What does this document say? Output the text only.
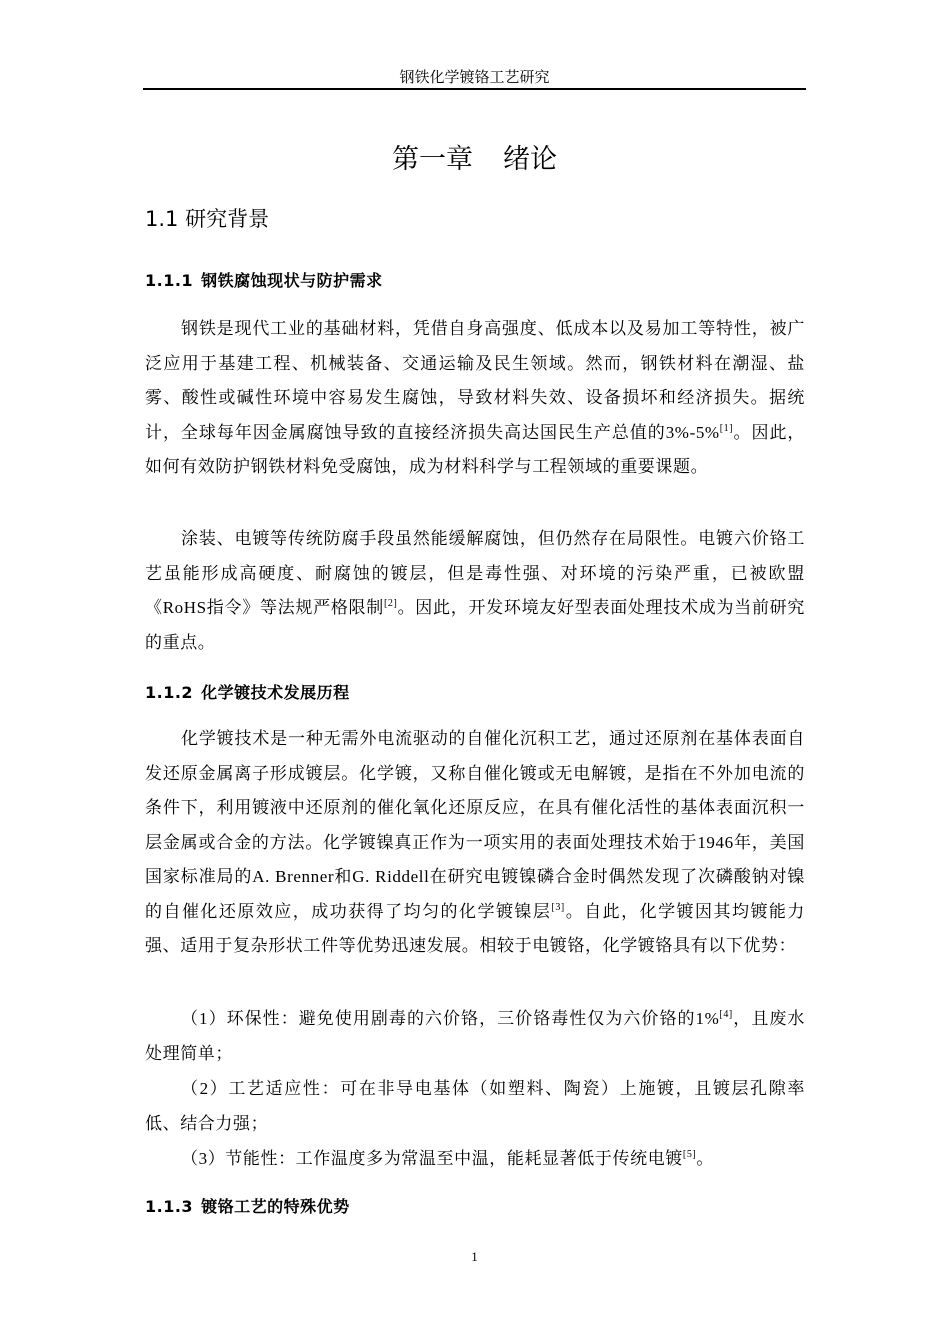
钢铁化学镀铬工艺研究
第一章 绪论
1.1 研究背景
1.1.1 钢铁腐蚀现状与防护需求

钢铁是现代工业的基础材料，凭借自身高强度、低成本以及易加工等特性，被广泛应用于基建工程、机械装备、交通运输及民生领域。然而，钢铁材料在潮湿、盐雾、酸性或碱性环境中容易发生腐蚀，导致材料失效、设备损坏和经济损失。据统计，全球每年因金属腐蚀导致的直接经济损失高达国民生产总值的3%-5%[1]。因此，如何有效防护钢铁材料免受腐蚀，成为材料科学与工程领域的重要课题。

涂装、电镀等传统防腐手段虽然能缓解腐蚀，但仍然存在局限性。电镀六价铬工艺虽能形成高硬度、耐腐蚀的镀层，但是毒性强、对环境的污染严重，已被欧盟《RoHS指令》等法规严格限制[2]。因此，开发环境友好型表面处理技术成为当前研究的重点。

1.1.2 化学镀技术发展历程

化学镀技术是一种无需外电流驱动的自催化沉积工艺，通过还原剂在基体表面自发还原金属离子形成镀层。化学镀，又称自催化镀或无电解镀，是指在不外加电流的条件下，利用镀液中还原剂的催化氧化还原反应，在具有催化活性的基体表面沉积一层金属或合金的方法。化学镀镍真正作为一项实用的表面处理技术始于1946年，美国国家标准局的A. Brenner和G. Riddell在研究电镀镍磷合金时偶然发现了次磷酸钠对镍的自催化还原效应，成功获得了均匀的化学镀镍层[3]。自此，化学镀因其均镀能力强、适用于复杂形状工件等优势迅速发展。相较于电镀铬，化学镀铬具有以下优势：

（1）环保性：避免使用剧毒的六价铬，三价铬毒性仅为六价铬的1%[4]，且废水处理简单；

（2）工艺适应性：可在非导电基体（如塑料、陶瓷）上施镀，且镀层孔隙率低、结合力强；

（3）节能性：工作温度多为常温至中温，能耗显著低于传统电镀[5]。

1.1.3 镀铬工艺的特殊优势
1
